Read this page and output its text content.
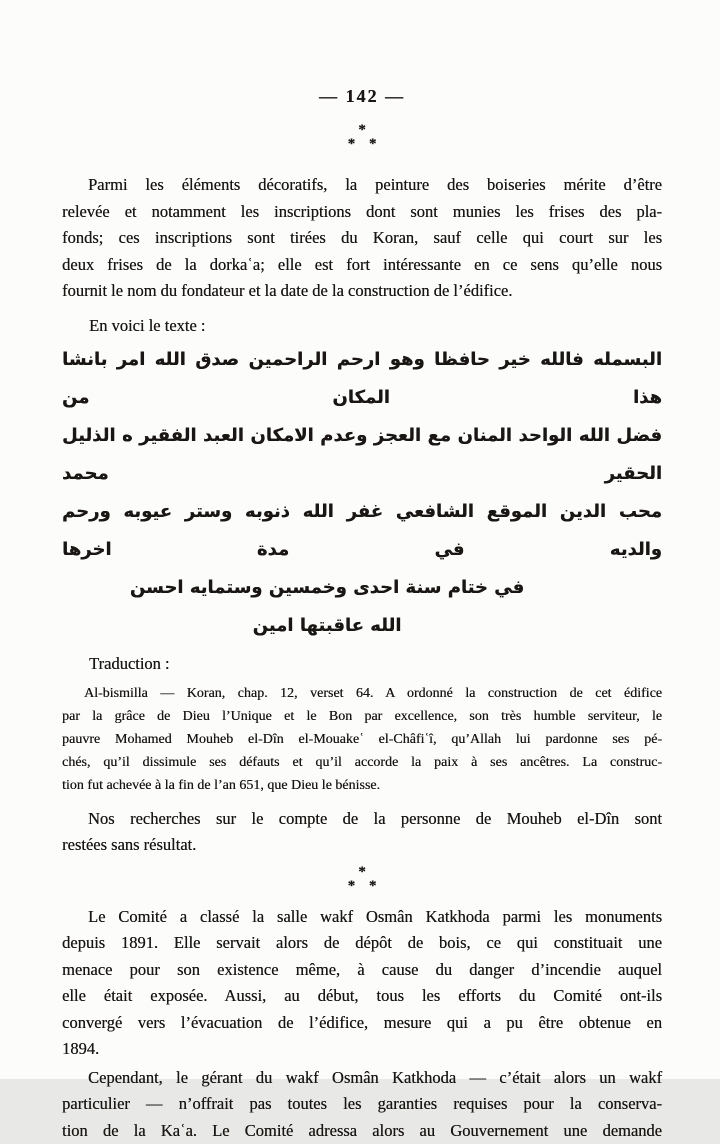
— 142 —
*
* *
Parmi les éléments décoratifs, la peinture des boiseries mérite d’être
relevée et notamment les inscriptions dont sont munies les frises des pla-
fonds; ces inscriptions sont tirées du Koran, sauf celle qui court sur les
deux frises de la dorkaʿa; elle est fort intéressante en ce sens qu’elle nous
fournit le nom du fondateur et la date de la construction de l’édifice.
En voici le texte :
البسمله فالله خير حافظا وهو ارحم الراحمين صدق الله امر بانشا هذا المكان من
فضل الله الواحد المنان مع العجز وعدم الامكان العبد الفقير ه الذليل الحقير محمد
محب الدين الموقع الشافعي غفر الله ذنوبه وستر عيوبه ورحم والديه في مدة اخرها
في ختام سنة احدى وخمسين وستمايه احسن الله عاقبتها امين
Traduction :
Al-bismilla — Koran, chap. 12, verset 64. A ordonné la construction de cet édifice
par la grâce de Dieu l’Unique et le Bon par excellence, son très humble serviteur, le
pauvre Mohamed Mouheb el-Dîn el-Mouakeʿ el-Châfiʿî, qu’Allah lui pardonne ses pé-
chés, qu’il dissimule ses défauts et qu’il accorde la paix à ses ancêtres. La construc-
tion fut achevée à la fin de l’an 651, que Dieu le bénisse.
Nos recherches sur le compte de la personne de Mouheb el-Dîn sont
restées sans résultat.
*
* *
Le Comité a classé la salle wakf Osmân Katkhoda parmi les monuments
depuis 1891. Elle servait alors de dépôt de bois, ce qui constituait une
menace pour son existence même, à cause du danger d’incendie auquel
elle était exposée. Aussi, au début, tous les efforts du Comité ont-ils
convergé vers l’évacuation de l’édifice, mesure qui a pu être obtenue en
1894.
Cependant, le gérant du wakf Osmân Katkhoda — c’était alors un wakf
particulier — n’offrait pas toutes les garanties requises pour la conserva-
tion de la Kaʿa. Le Comité adressa alors au Gouvernement une demande
